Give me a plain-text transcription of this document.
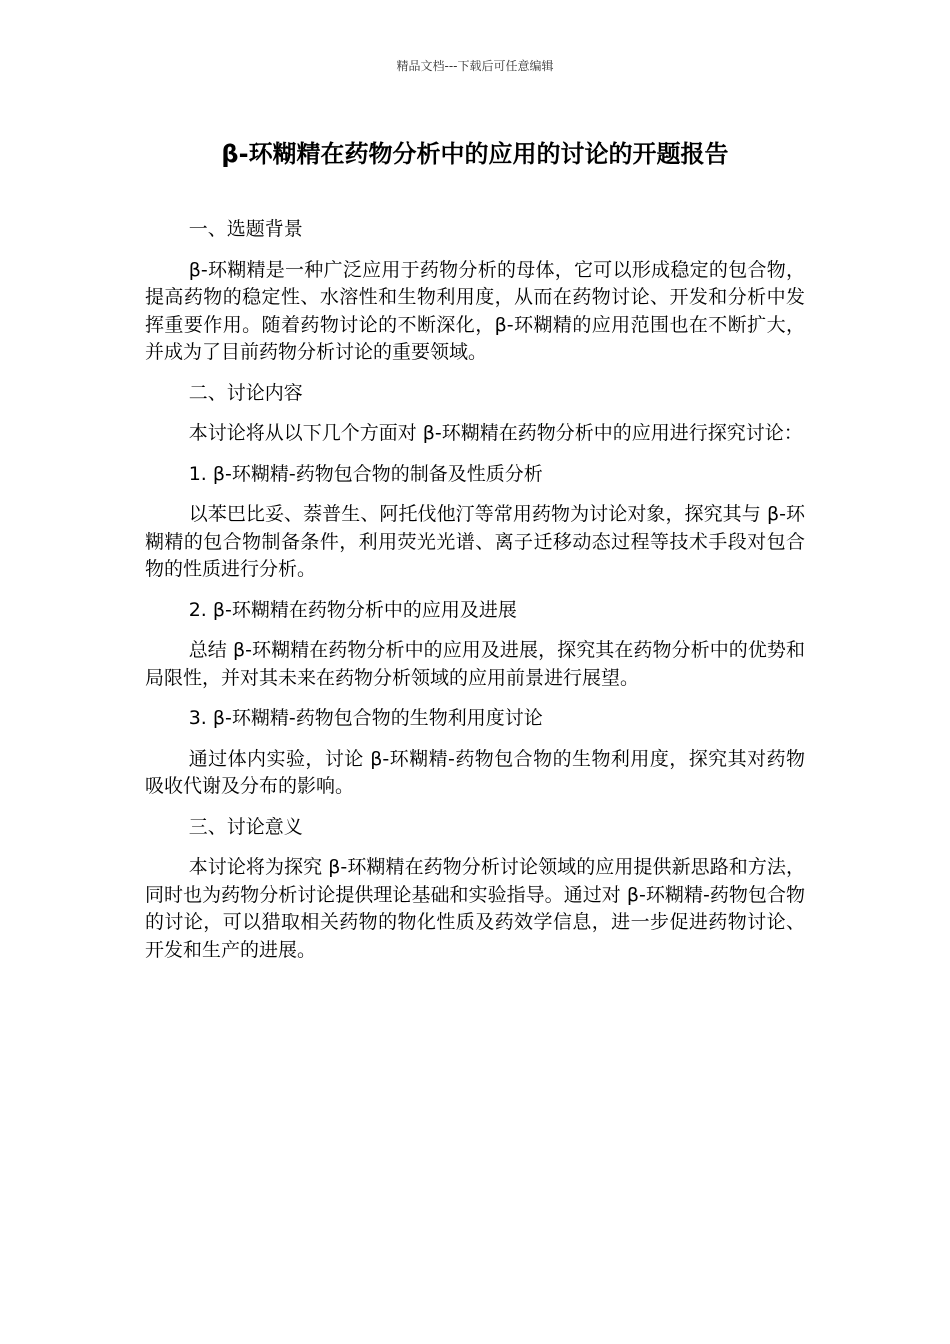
精品文档---下载后可任意编辑
β-环糊精在药物分析中的应用的讨论的开题报告

一、选题背景

β-环糊精是一种广泛应用于药物分析的母体，它可以形成稳定的包合物，提高药物的稳定性、水溶性和生物利用度，从而在药物讨论、开发和分析中发挥重要作用。随着药物讨论的不断深化，β-环糊精的应用范围也在不断扩大，并成为了目前药物分析讨论的重要领域。

二、讨论内容

本讨论将从以下几个方面对 β-环糊精在药物分析中的应用进行探究讨论：

1. β-环糊精-药物包合物的制备及性质分析

以苯巴比妥、萘普生、阿托伐他汀等常用药物为讨论对象，探究其与 β-环糊精的包合物制备条件，利用荧光光谱、离子迁移动态过程等技术手段对包合物的性质进行分析。

2. β-环糊精在药物分析中的应用及进展

总结 β-环糊精在药物分析中的应用及进展，探究其在药物分析中的优势和局限性，并对其未来在药物分析领域的应用前景进行展望。

3. β-环糊精-药物包合物的生物利用度讨论

通过体内实验，讨论 β-环糊精-药物包合物的生物利用度，探究其对药物吸收代谢及分布的影响。

三、讨论意义

本讨论将为探究 β-环糊精在药物分析讨论领域的应用提供新思路和方法，同时也为药物分析讨论提供理论基础和实验指导。通过对 β-环糊精-药物包合物的讨论，可以猎取相关药物的物化性质及药效学信息，进一步促进药物讨论、开发和生产的进展。
